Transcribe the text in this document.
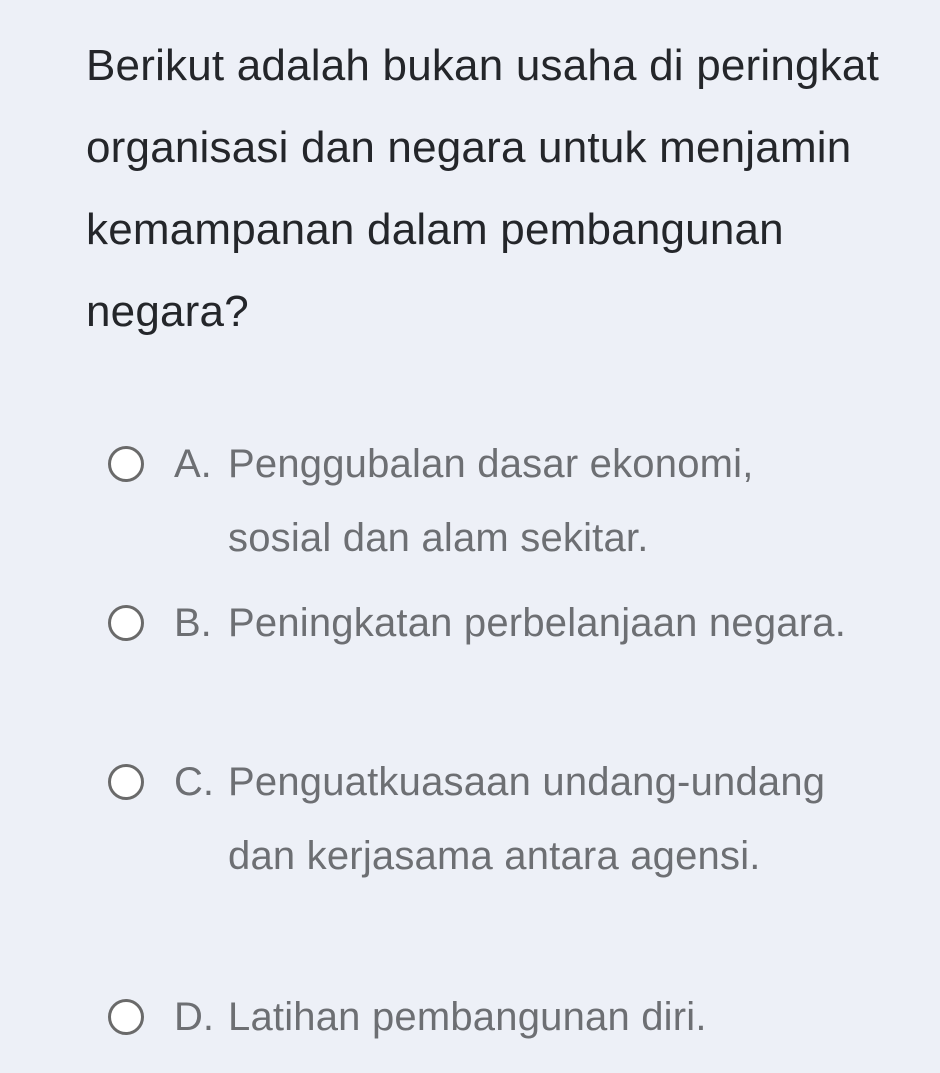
Berikut adalah bukan usaha di peringkat organisasi dan negara untuk menjamin kemampanan dalam pembangunan negara?

A. Penggubalan dasar ekonomi, sosial dan alam sekitar.
B. Peningkatan perbelanjaan negara.
C. Penguatkuasaan undang-undang dan kerjasama antara agensi.
D. Latihan pembangunan diri.
